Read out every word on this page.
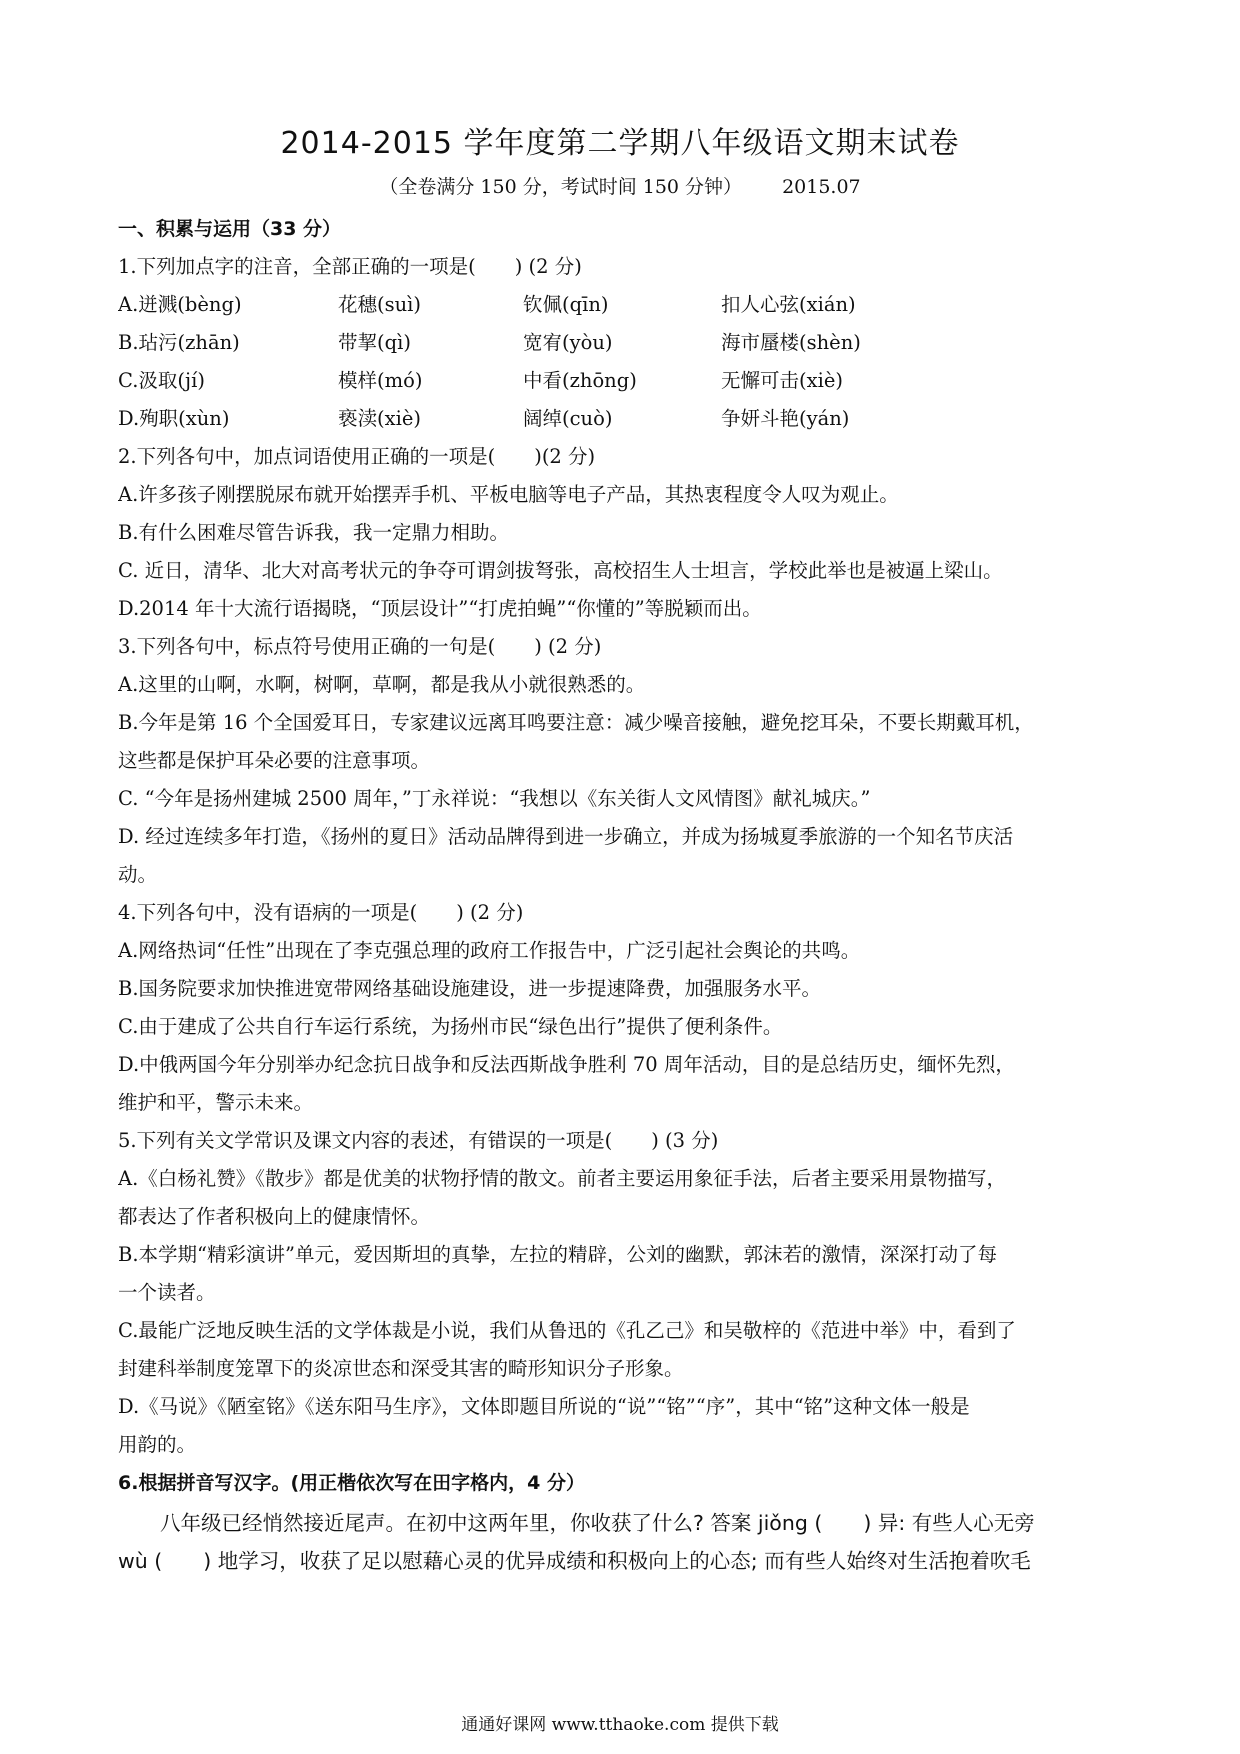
2014-2015 学年度第二学期八年级语文期末试卷
（全卷满分 150 分，考试时间 150 分钟） 2015.07
一、积累与运用（33 分）
1.下列加点字的注音，全部正确的一项是(　　) (2 分)
A.迸溅(bèng)	花穗(suì)	钦佩(qīn)	扣人心弦(xián)
B.玷污(zhān)	带挈(qì)	宽宥(yòu)	海市蜃楼(shèn)
C.汲取(jí)	模样(mó)	中看(zhōng)	无懈可击(xiè)
D.殉职(xùn)	亵渎(xiè)	阔绰(cuò)	争妍斗艳(yán)
2.下列各句中，加点词语使用正确的一项是(　　)(2 分)
A.许多孩子刚摆脱尿布就开始摆弄手机、平板电脑等电子产品，其热衷程度令人叹为观止。
B.有什么困难尽管告诉我，我一定鼎力相助。
C. 近日，清华、北大对高考状元的争夺可谓剑拔弩张，高校招生人士坦言，学校此举也是被逼上梁山。
D.2014 年十大流行语揭晓，“顶层设计”“打虎拍蝇”“你懂的”等脱颖而出。
3.下列各句中，标点符号使用正确的一句是(　　) (2 分)
A.这里的山啊，水啊，树啊，草啊，都是我从小就很熟悉的。
B.今年是第 16 个全国爱耳日，专家建议远离耳鸣要注意：减少噪音接触，避免挖耳朵，不要长期戴耳机，
这些都是保护耳朵必要的注意事项。
C. “今年是扬州建城 2500 周年，”丁永祥说：“我想以《东关街人文风情图》献礼城庆。”
D. 经过连续多年打造，《扬州的夏日》活动品牌得到进一步确立，并成为扬城夏季旅游的一个知名节庆活
动。
4.下列各句中，没有语病的一项是(　　) (2 分)
A.网络热词“任性”出现在了李克强总理的政府工作报告中，广泛引起社会舆论的共鸣。
B.国务院要求加快推进宽带网络基础设施建设，进一步提速降费，加强服务水平。
C.由于建成了公共自行车运行系统，为扬州市民“绿色出行”提供了便利条件。
D.中俄两国今年分别举办纪念抗日战争和反法西斯战争胜利 70 周年活动，目的是总结历史，缅怀先烈，
维护和平，警示未来。
5.下列有关文学常识及课文内容的表述，有错误的一项是(　　) (3 分)
A.《白杨礼赞》《散步》都是优美的状物抒情的散文。前者主要运用象征手法，后者主要采用景物描写，
都表达了作者积极向上的健康情怀。
B.本学期“精彩演讲”单元，爱因斯坦的真挚，左拉的精辟，公刘的幽默，郭沫若的激情，深深打动了每
一个读者。
C.最能广泛地反映生活的文学体裁是小说，我们从鲁迅的《孔乙己》和吴敬梓的《范进中举》中，看到了
封建科举制度笼罩下的炎凉世态和深受其害的畸形知识分子形象。
D.《马说》《陋室铭》《送东阳马生序》，文体即题目所说的“说”“铭”“序”，其中“铭”这种文体一般是
用韵的。
6.根据拼音写汉字。(用正楷依次写在田字格内，4 分）
八年级已经悄然接近尾声。在初中这两年里，你收获了什么? 答案 jiǒng (　　) 异: 有些人心无旁
wù (　　) 地学习，收获了足以慰藉心灵的优异成绩和积极向上的心态; 而有些人始终对生活抱着吹毛
通通好课网 www.tthaoke.com 提供下载
